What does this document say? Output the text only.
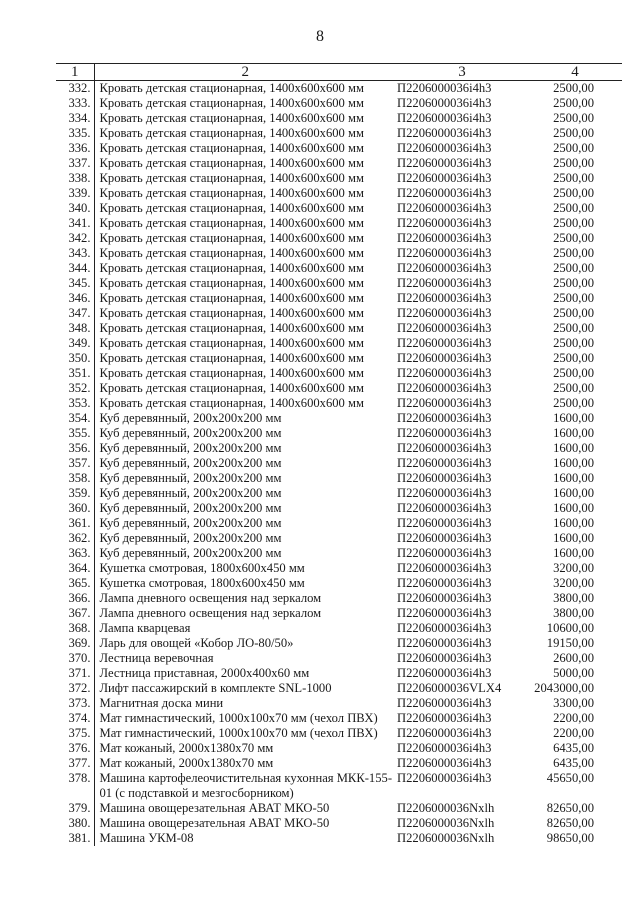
8
1	2	3	4
332.	Кровать детская стационарная, 1400х600х600 мм	П2206000036i4h3	2500,00
333.	Кровать детская стационарная, 1400х600х600 мм	П2206000036i4h3	2500,00
334.	Кровать детская стационарная, 1400х600х600 мм	П2206000036i4h3	2500,00
335.	Кровать детская стационарная, 1400х600х600 мм	П2206000036i4h3	2500,00
336.	Кровать детская стационарная, 1400х600х600 мм	П2206000036i4h3	2500,00
337.	Кровать детская стационарная, 1400х600х600 мм	П2206000036i4h3	2500,00
338.	Кровать детская стационарная, 1400х600х600 мм	П2206000036i4h3	2500,00
339.	Кровать детская стационарная, 1400х600х600 мм	П2206000036i4h3	2500,00
340.	Кровать детская стационарная, 1400х600х600 мм	П2206000036i4h3	2500,00
341.	Кровать детская стационарная, 1400х600х600 мм	П2206000036i4h3	2500,00
342.	Кровать детская стационарная, 1400х600х600 мм	П2206000036i4h3	2500,00
343.	Кровать детская стационарная, 1400х600х600 мм	П2206000036i4h3	2500,00
344.	Кровать детская стационарная, 1400х600х600 мм	П2206000036i4h3	2500,00
345.	Кровать детская стационарная, 1400х600х600 мм	П2206000036i4h3	2500,00
346.	Кровать детская стационарная, 1400х600х600 мм	П2206000036i4h3	2500,00
347.	Кровать детская стационарная, 1400х600х600 мм	П2206000036i4h3	2500,00
348.	Кровать детская стационарная, 1400х600х600 мм	П2206000036i4h3	2500,00
349.	Кровать детская стационарная, 1400х600х600 мм	П2206000036i4h3	2500,00
350.	Кровать детская стационарная, 1400х600х600 мм	П2206000036i4h3	2500,00
351.	Кровать детская стационарная, 1400х600х600 мм	П2206000036i4h3	2500,00
352.	Кровать детская стационарная, 1400х600х600 мм	П2206000036i4h3	2500,00
353.	Кровать детская стационарная, 1400х600х600 мм	П2206000036i4h3	2500,00
354.	Куб деревянный, 200х200х200 мм	П2206000036i4h3	1600,00
355.	Куб деревянный, 200х200х200 мм	П2206000036i4h3	1600,00
356.	Куб деревянный, 200х200х200 мм	П2206000036i4h3	1600,00
357.	Куб деревянный, 200х200х200 мм	П2206000036i4h3	1600,00
358.	Куб деревянный, 200х200х200 мм	П2206000036i4h3	1600,00
359.	Куб деревянный, 200х200х200 мм	П2206000036i4h3	1600,00
360.	Куб деревянный, 200х200х200 мм	П2206000036i4h3	1600,00
361.	Куб деревянный, 200х200х200 мм	П2206000036i4h3	1600,00
362.	Куб деревянный, 200х200х200 мм	П2206000036i4h3	1600,00
363.	Куб деревянный, 200х200х200 мм	П2206000036i4h3	1600,00
364.	Кушетка смотровая, 1800х600х450 мм	П2206000036i4h3	3200,00
365.	Кушетка смотровая, 1800х600х450 мм	П2206000036i4h3	3200,00
366.	Лампа дневного освещения над зеркалом	П2206000036i4h3	3800,00
367.	Лампа дневного освещения над зеркалом	П2206000036i4h3	3800,00
368.	Лампа кварцевая	П2206000036i4h3	10600,00
369.	Ларь для овощей «Кобор ЛО-80/50»	П2206000036i4h3	19150,00
370.	Лестница веревочная	П2206000036i4h3	2600,00
371.	Лестница приставная, 2000х400х60 мм	П2206000036i4h3	5000,00
372.	Лифт пассажирский в комплекте SNL-1000	П2206000036VLX4	2043000,00
373.	Магнитная доска мини	П2206000036i4h3	3300,00
374.	Мат гимнастический, 1000х100х70 мм (чехол ПВХ)	П2206000036i4h3	2200,00
375.	Мат гимнастический, 1000х100х70 мм (чехол ПВХ)	П2206000036i4h3	2200,00
376.	Мат кожаный, 2000х1380х70 мм	П2206000036i4h3	6435,00
377.	Мат кожаный, 2000х1380х70 мм	П2206000036i4h3	6435,00
378.	Машина картофелеочистительная кухонная МКК-155-01 (с подставкой и мезгосборником)	П2206000036i4h3	45650,00
379.	Машина овощерезательная АВАТ МКО-50	П2206000036Nxlh	82650,00
380.	Машина овощерезательная АВАТ МКО-50	П2206000036Nxlh	82650,00
381.	Машина УКМ-08	П2206000036Nxlh	98650,00
